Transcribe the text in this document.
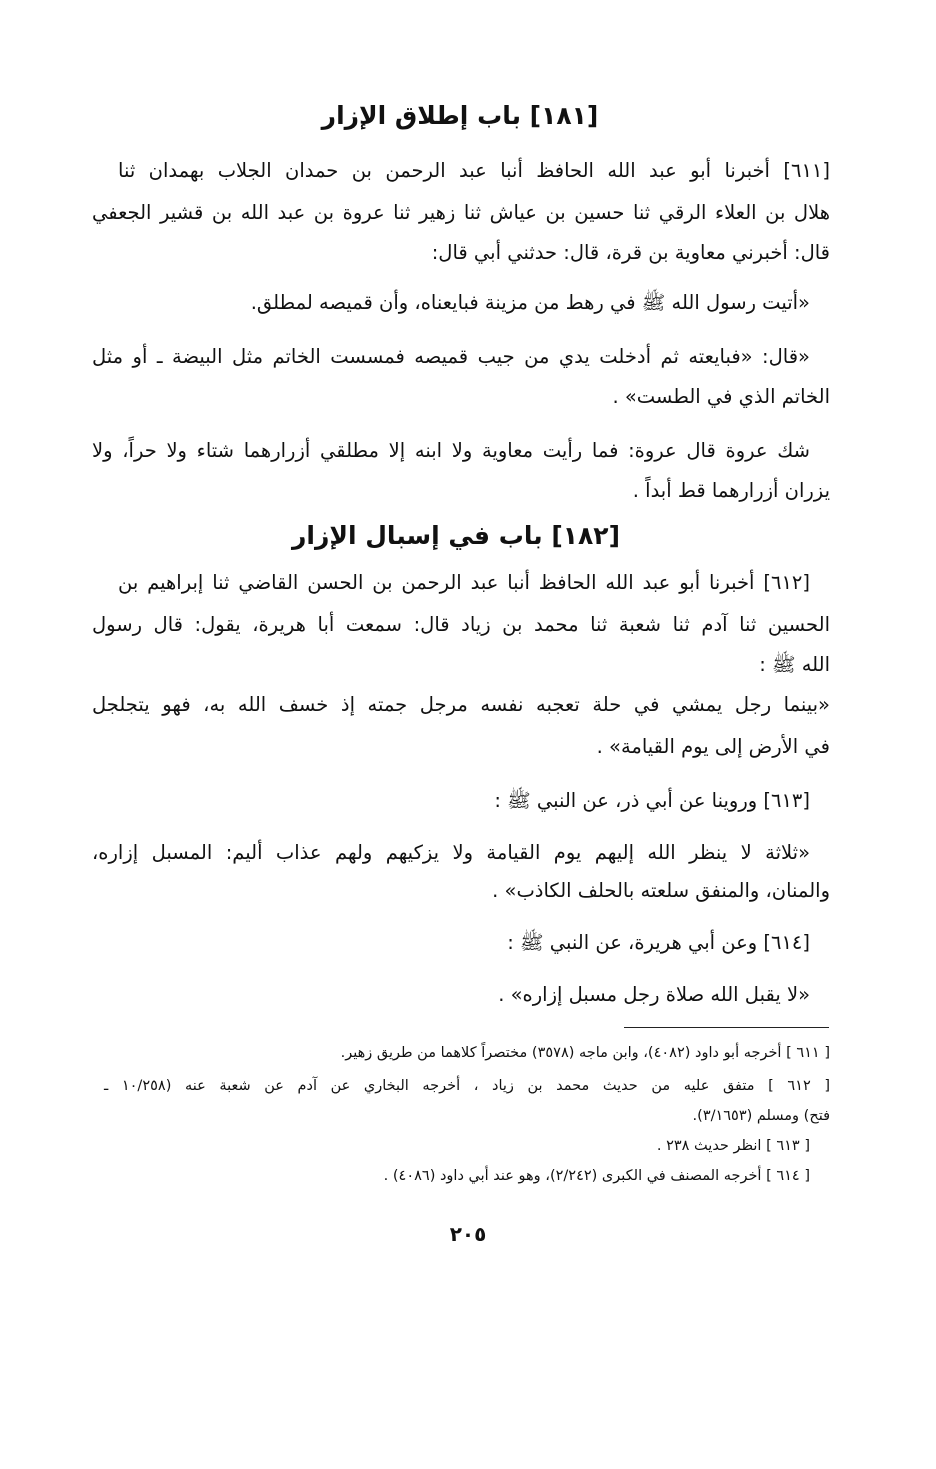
[١٨١] باب إطلاق الإزار
[٦١١] أخبرنا أبو عبد الله الحافظ أنبا عبد الرحمن بن حمدان الجلاب بهمدان ثنا
هلال بن العلاء الرقي ثنا حسين بن عياش ثنا زهير ثنا عروة بن عبد الله بن قشير الجعفي
قال: أخبرني معاوية بن قرة، قال: حدثني أبي قال:
«أتيت رسول الله ﷺ في رهط من مزينة فبايعناه، وأن قميصه لمطلق.
«قال: «فبايعته ثم أدخلت يدي من جيب قميصه فمسست الخاتم مثل البيضة ـ أو مثل
الخاتم الذي في الطست» .
شك عروة قال عروة: فما رأيت معاوية ولا ابنه إلا مطلقي أزرارهما شتاء ولا حراً، ولا
يزران أزرارهما قط أبداً .
[١٨٢] باب في إسبال الإزار
[٦١٢] أخبرنا أبو عبد الله الحافظ أنبا عبد الرحمن بن الحسن القاضي ثنا إبراهيم بن
الحسين ثنا آدم ثنا شعبة ثنا محمد بن زياد قال: سمعت أبا هريرة، يقول: قال رسول
الله ﷺ :
«بينما رجل يمشي في حلة تعجبه نفسه مرجل جمته إذ خسف الله به، فهو يتجلجل
في الأرض إلى يوم القيامة» .
[٦١٣] وروينا عن أبي ذر، عن النبي ﷺ :
«ثلاثة لا ينظر الله إليهم يوم القيامة ولا يزكيهم ولهم عذاب أليم: المسبل إزاره،
والمنان، والمنفق سلعته بالحلف الكاذب» .
[٦١٤] وعن أبي هريرة، عن النبي ﷺ :
«لا يقبل الله صلاة رجل مسبل إزاره» .
[ ٦١١ ] أخرجه أبو داود (٤٠٨٢)، وابن ماجه (٣٥٧٨) مختصراً كلاهما من طريق زهير.
[ ٦١٢ ] متفق عليه من حديث محمد بن زياد ، أخرجه البخاري عن آدم عن شعبة عنه (١٠/٢٥٨ ـ
فتح) ومسلم (٣/١٦٥٣).
[ ٦١٣ ] انظر حديث ٢٣٨ .
[ ٦١٤ ] أخرجه المصنف في الكبرى (٢/٢٤٢)، وهو عند أبي داود (٤٠٨٦) .
٢٠٥
